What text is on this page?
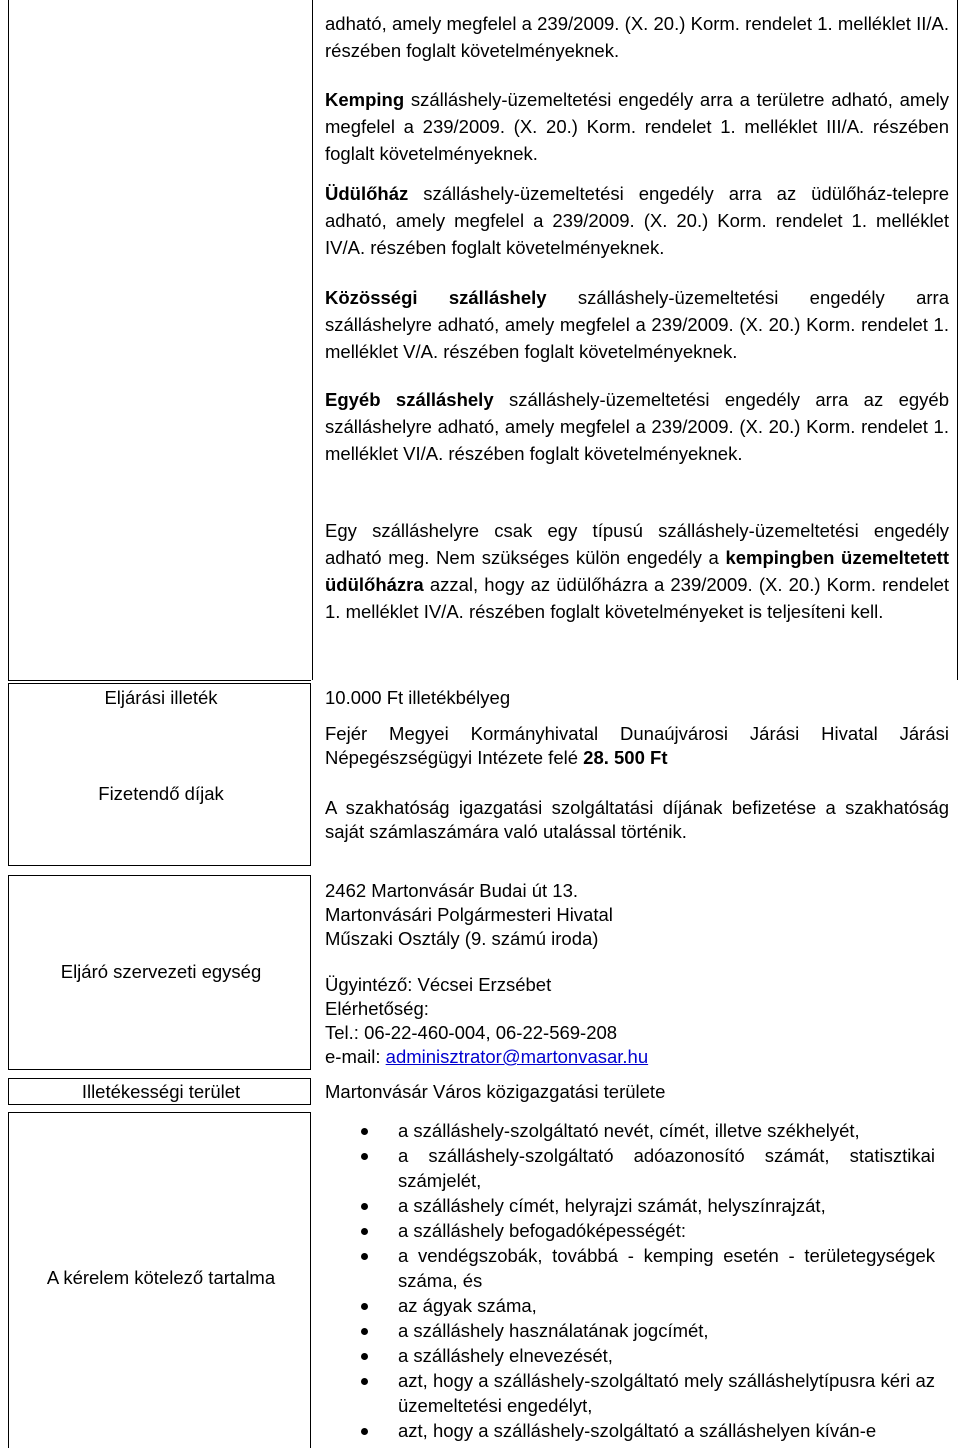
adható, amely megfelel a 239/2009. (X. 20.) Korm. rendelet 1. melléklet II/A. részében foglalt követelményeknek.

Kemping szálláshely-üzemeltetési engedély arra a területre adható, amely megfelel a 239/2009. (X. 20.) Korm. rendelet 1. melléklet III/A. részében foglalt követelményeknek.

Üdülőház szálláshely-üzemeltetési engedély arra az üdülőház-telepre adható, amely megfelel a 239/2009. (X. 20.) Korm. rendelet 1. melléklet IV/A. részében foglalt követelményeknek.

Közösségi szálláshely szálláshely-üzemeltetési engedély arra szálláshelyre adható, amely megfelel a 239/2009. (X. 20.) Korm. rendelet 1. melléklet V/A. részében foglalt követelményeknek.

Egyéb szálláshely szálláshely-üzemeltetési engedély arra az egyéb szálláshelyre adható, amely megfelel a 239/2009. (X. 20.) Korm. rendelet 1. melléklet VI/A. részében foglalt követelményeknek.

Egy szálláshelyre csak egy típusú szálláshely-üzemeltetési engedély adható meg. Nem szükséges külön engedély a kempingben üzemeltetett üdülőházra azzal, hogy az üdülőházra a 239/2009. (X. 20.) Korm. rendelet 1. melléklet IV/A. részében foglalt követelményeket is teljesíteni kell.

Eljárási illeték

Fizetendő díjak

10.000 Ft illetékbélyeg

Fejér Megyei Kormányhivatal Dunaújvárosi Járási Hivatal Járási Népegészségügyi Intézete felé 28. 500 Ft

A szakhatóság igazgatási szolgáltatási díjának befizetése a szakhatóság saját számlaszámára való utalással történik.

Eljáró szervezeti egység

2462 Martonvásár Budai út 13.

Martonvásári Polgármesteri Hivatal

Műszaki Osztály (9. számú iroda)

Ügyintéző: Vécsei Erzsébet

Elérhetőség:

Tel.: 06-22-460-004, 06-22-569-208

e-mail: adminisztrator@martonvasar.hu

Illetékességi terület	Martonvásár Város közigazgatási területe

A kérelem kötelező tartalma

a szálláshely-szolgáltató nevét, címét, illetve székhelyét,
a szálláshely-szolgáltató adóazonosító számát, statisztikai számjelét,
a szálláshely címét, helyrajzi számát, helyszínrajzát,
a szálláshely befogadóképességét:
a vendégszobák, továbbá - kemping esetén - területegységek száma, és
az ágyak száma,
a szálláshely használatának jogcímét,
a szálláshely elnevezését,
azt, hogy a szálláshely-szolgáltató mely szálláshelytípusra kéri az üzemeltetési engedélyt,
azt, hogy a szálláshely-szolgáltató a szálláshelyen kíván-e
